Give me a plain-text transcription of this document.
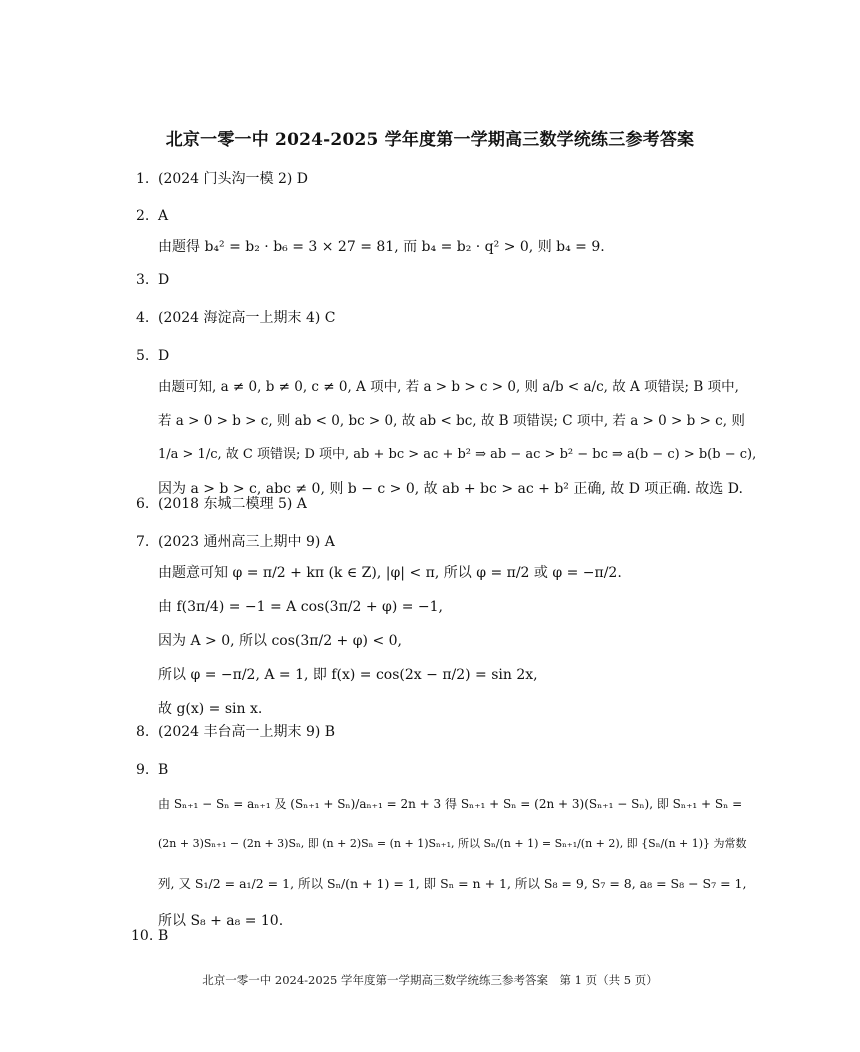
北京一零一中 2024-2025 学年度第一学期高三数学统练三参考答案
1. (2024 门头沟一模 2) D
2. A
由题得 b₄² = b₂ · b₆ = 3 × 27 = 81, 而 b₄ = b₂ · q² > 0, 则 b₄ = 9.
3. D
4. (2024 海淀高一上期末 4) C
5. D
由题可知, a ≠ 0, b ≠ 0, c ≠ 0, A 项中, 若 a > b > c > 0, 则 a/b < a/c, 故 A 项错误; B 项中,
若 a > 0 > b > c, 则 ab < 0, bc > 0, 故 ab < bc, 故 B 项错误; C 项中, 若 a > 0 > b > c, 则
1/a > 1/c, 故 C 项错误; D 项中, ab + bc > ac + b² ⇒ ab − ac > b² − bc ⇒ a(b − c) > b(b − c),
因为 a > b > c, abc ≠ 0, 则 b − c > 0, 故 ab + bc > ac + b² 正确, 故 D 项正确. 故选 D.
6. (2018 东城二模理 5) A
7. (2023 通州高三上期中 9) A
由题意可知 φ = π/2 + kπ (k ∈ Z), |φ| < π, 所以 φ = π/2 或 φ = −π/2.
由 f(3π/4) = −1 = A cos(3π/2 + φ) = −1,
因为 A > 0, 所以 cos(3π/2 + φ) < 0,
所以 φ = −π/2, A = 1, 即 f(x) = cos(2x − π/2) = sin 2x,
故 g(x) = sin x.
8. (2024 丰台高一上期末 9) B
9. B
由 Sₙ₊₁ − Sₙ = aₙ₊₁ 及 (Sₙ₊₁ + Sₙ)/aₙ₊₁ = 2n + 3 得 Sₙ₊₁ + Sₙ = (2n + 3)(Sₙ₊₁ − Sₙ), 即 Sₙ₊₁ + Sₙ =
(2n + 3)Sₙ₊₁ − (2n + 3)Sₙ, 即 (n + 2)Sₙ = (n + 1)Sₙ₊₁, 所以 Sₙ/(n + 1) = Sₙ₊₁/(n + 2), 即 {Sₙ/(n + 1)} 为常数
列, 又 S₁/2 = a₁/2 = 1, 所以 Sₙ/(n + 1) = 1, 即 Sₙ = n + 1, 所以 S₈ = 9, S₇ = 8, a₈ = S₈ − S₇ = 1,
所以 S₈ + a₈ = 10.
10. B
北京一零一中 2024-2025 学年度第一学期高三数学统练三参考答案　第 1 页（共 5 页）
